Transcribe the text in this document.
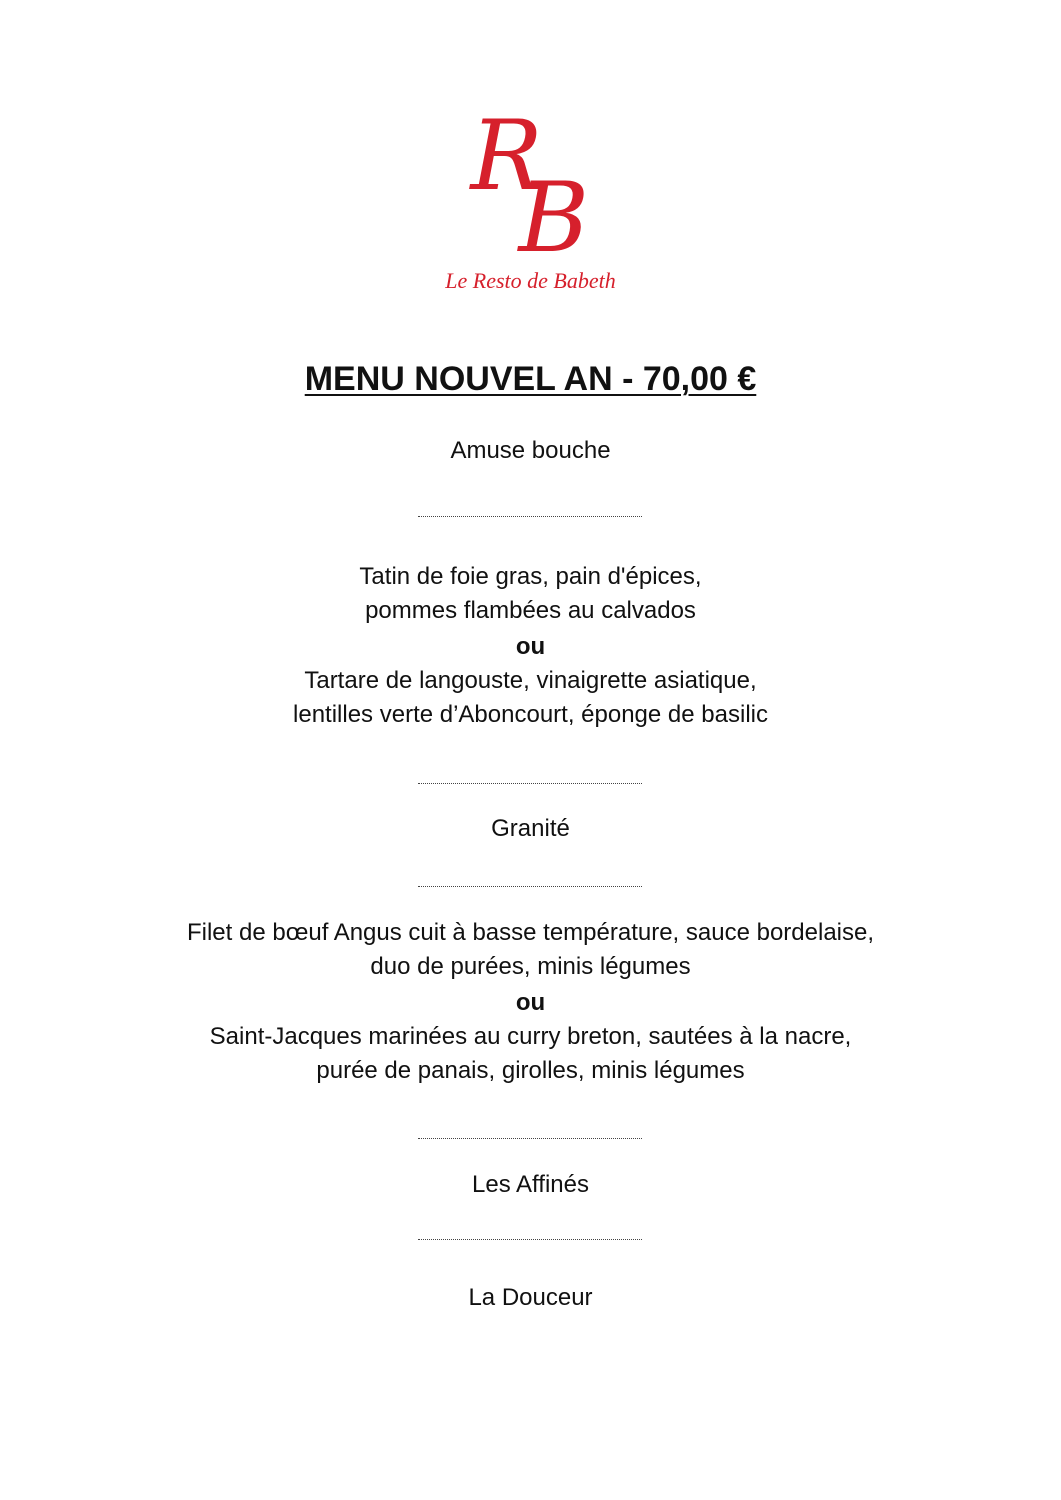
R
B
Le Resto de Babeth
MENU NOUVEL AN - 70,00 €
Amuse bouche
Tatin de foie gras, pain d'épices,
pommes flambées au calvados
ou
Tartare de langouste, vinaigrette asiatique,
lentilles verte d’Aboncourt, éponge de basilic
Granité
Filet de bœuf Angus cuit à basse température, sauce bordelaise,
duo de purées, minis légumes
ou
Saint-Jacques marinées au curry breton, sautées à la nacre,
purée de panais, girolles, minis légumes
Les Affinés
La Douceur
